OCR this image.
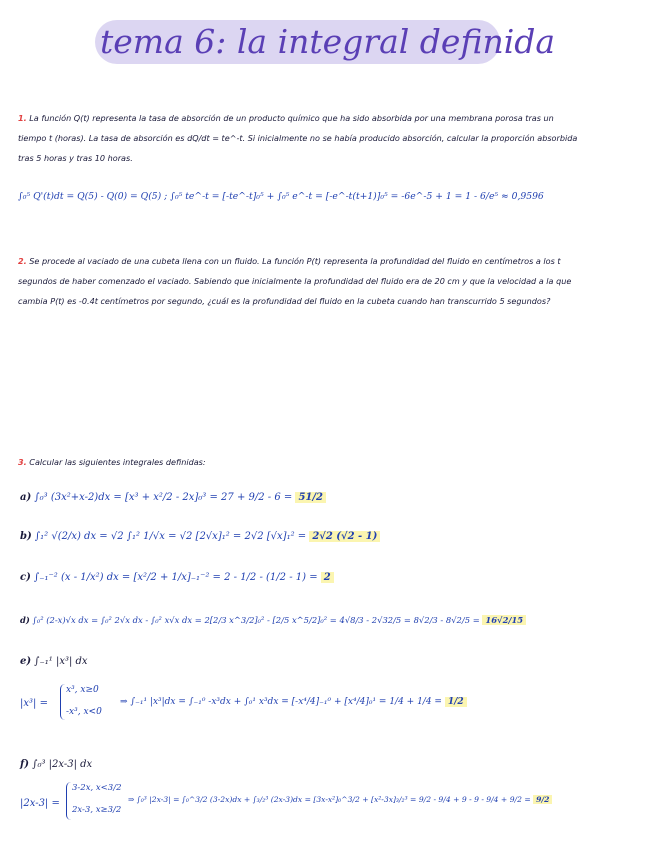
tema 6: la integral definida
1. La función Q(t) representa la tasa de absorción de un producto químico que ha sido absorbida por una membrana porosa tras un tiempo t (horas). La tasa de absorción es dQ/dt = te^-t. Si inicialmente no se había producido absorción, calcular la proporción absorbida tras 5 horas y tras 10 horas.
∫₀⁵ Q'(t)dt = Q(5) - Q(0) = Q(5) ; ∫₀⁵ te^-t = [-te^-t]₀⁵ + ∫₀⁵ e^-t = [-e^-t(t+1)]₀⁵ = -6e^-5 + 1 = 1 - 6/e⁵ ≈ 0,9596
2. Se procede al vaciado de una cubeta llena con un fluido. La función P(t) representa la profundidad del fluido en centímetros a los t segundos de haber comenzado el vaciado. Sabiendo que inicialmente la profundidad del fluido era de 20 cm y que la velocidad a la que cambia P(t) es -0.4t centímetros por segundo, ¿cuál es la profundidad del fluido en la cubeta cuando han transcurrido 5 segundos?
3. Calcular las siguientes integrales definidas:
a) ∫₀³ (3x²+x-2)dx = [x³ + x²/2 - 2x]₀³ = 27 + 9/2 - 6 = 51/2
b) ∫₁² √(2/x) dx = √2 ∫₁² 1/√x = √2 [2√x]₁² = 2√2 [√x]₁² = 2√2 (√2 - 1)
c) ∫₋₁⁻² (x - 1/x²) dx = [x²/2 + 1/x]₋₁⁻² = 2 - 1/2 - (1/2 - 1) = 2
d) ∫₀² (2-x)√x dx = ∫₀² 2√x dx - ∫₀² x√x dx = 2[2/3 x^3/2]₀² - [2/5 x^5/2]₀² = 4√8/3 - 2√32/5 = 8√2/3 - 8√2/5 = 16√2/15
e) ∫₋₁¹ |x³| dx
|x³| =
x³, x≥0
-x³, x<0
⇒ ∫₋₁¹ |x³|dx = ∫₋₁⁰ -x³dx + ∫₀¹ x³dx = [-x⁴/4]₋₁⁰ + [x⁴/4]₀¹ = 1/4 + 1/4 = 1/2
f) ∫₀³ |2x-3| dx
|2x-3| =
3-2x, x<3/2
2x-3, x≥3/2
⇒ ∫₀³ |2x-3| = ∫₀^3/2 (3-2x)dx + ∫₃/₂³ (2x-3)dx = [3x-x²]₀^3/2 + [x²-3x]₃/₂³ = 9/2 - 9/4 + 9 - 9 - 9/4 + 9/2 = 9/2
